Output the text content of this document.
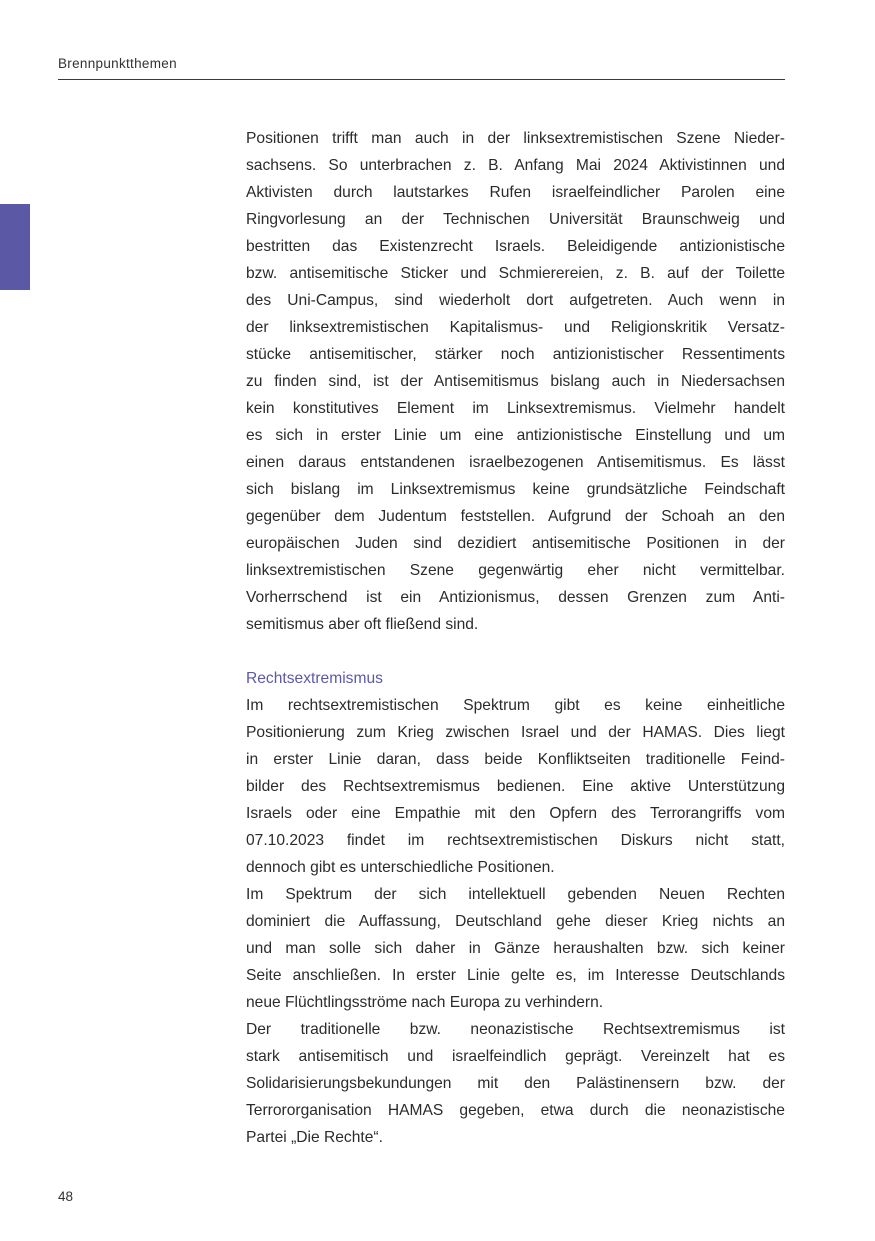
Brennpunktthemen
Positionen trifft man auch in der linksextremistischen Szene Nieder-
sachsens. So unterbrachen z. B. Anfang Mai 2024 Aktivistinnen und
Aktivisten durch lautstarkes Rufen israelfeindlicher Parolen eine
Ringvorlesung an der Technischen Universität Braunschweig und
bestritten das Existenzrecht Israels. Beleidigende antizionistische
bzw. antisemitische Sticker und Schmierereien, z. B. auf der Toilette
des Uni-Campus, sind wiederholt dort aufgetreten. Auch wenn in
der linksextremistischen Kapitalismus- und Religionskritik Versatz-
stücke antisemitischer, stärker noch antizionistischer Ressentiments
zu finden sind, ist der Antisemitismus bislang auch in Niedersachsen
kein konstitutives Element im Linksextremismus. Vielmehr handelt
es sich in erster Linie um eine antizionistische Einstellung und um
einen daraus entstandenen israelbezogenen Antisemitismus. Es lässt
sich bislang im Linksextremismus keine grundsätzliche Feindschaft
gegenüber dem Judentum feststellen. Aufgrund der Schoah an den
europäischen Juden sind dezidiert antisemitische Positionen in der
linksextremistischen Szene gegenwärtig eher nicht vermittelbar.
Vorherrschend ist ein Antizionismus, dessen Grenzen zum Anti-
semitismus aber oft fließend sind.
Rechtsextremismus
Im rechtsextremistischen Spektrum gibt es keine einheitliche
Positionierung zum Krieg zwischen Israel und der HAMAS. Dies liegt
in erster Linie daran, dass beide Konfliktseiten traditionelle Feind-
bilder des Rechtsextremismus bedienen. Eine aktive Unterstützung
Israels oder eine Empathie mit den Opfern des Terrorangriffs vom
07.10.2023 findet im rechtsextremistischen Diskurs nicht statt,
dennoch gibt es unterschiedliche Positionen.
Im Spektrum der sich intellektuell gebenden Neuen Rechten
dominiert die Auffassung, Deutschland gehe dieser Krieg nichts an
und man solle sich daher in Gänze heraushalten bzw. sich keiner
Seite anschließen. In erster Linie gelte es, im Interesse Deutschlands
neue Flüchtlingsströme nach Europa zu verhindern.
Der traditionelle bzw. neonazistische Rechtsextremismus ist
stark antisemitisch und israelfeindlich geprägt. Vereinzelt hat es
Solidarisierungsbekundungen mit den Palästinensern bzw. der
Terrororganisation HAMAS gegeben, etwa durch die neonazistische
Partei „Die Rechte“.
48
